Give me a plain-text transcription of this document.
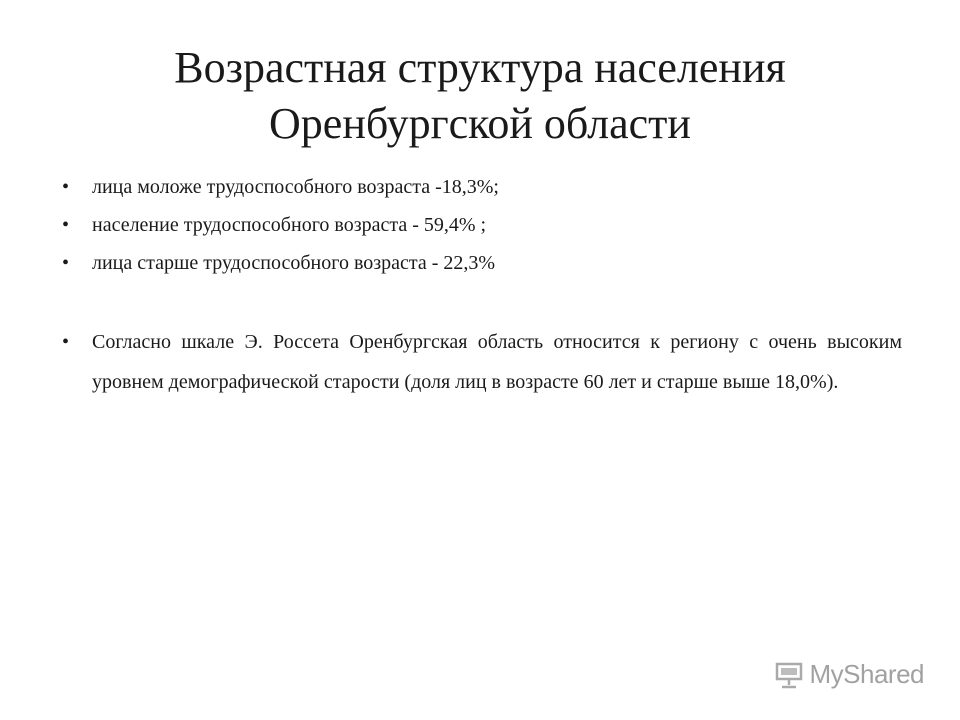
Возрастная структура населения Оренбургской области
• лица моложе трудоспособного возраста -18,3%;
• население трудоспособного возраста - 59,4% ;
• лица старше трудоспособного возраста - 22,3%
• Согласно шкале Э. Россета Оренбургская область относится к региону с очень высоким уровнем демографической старости (доля лиц в возрасте 60 лет и старше выше 18,0%).
MyShared
